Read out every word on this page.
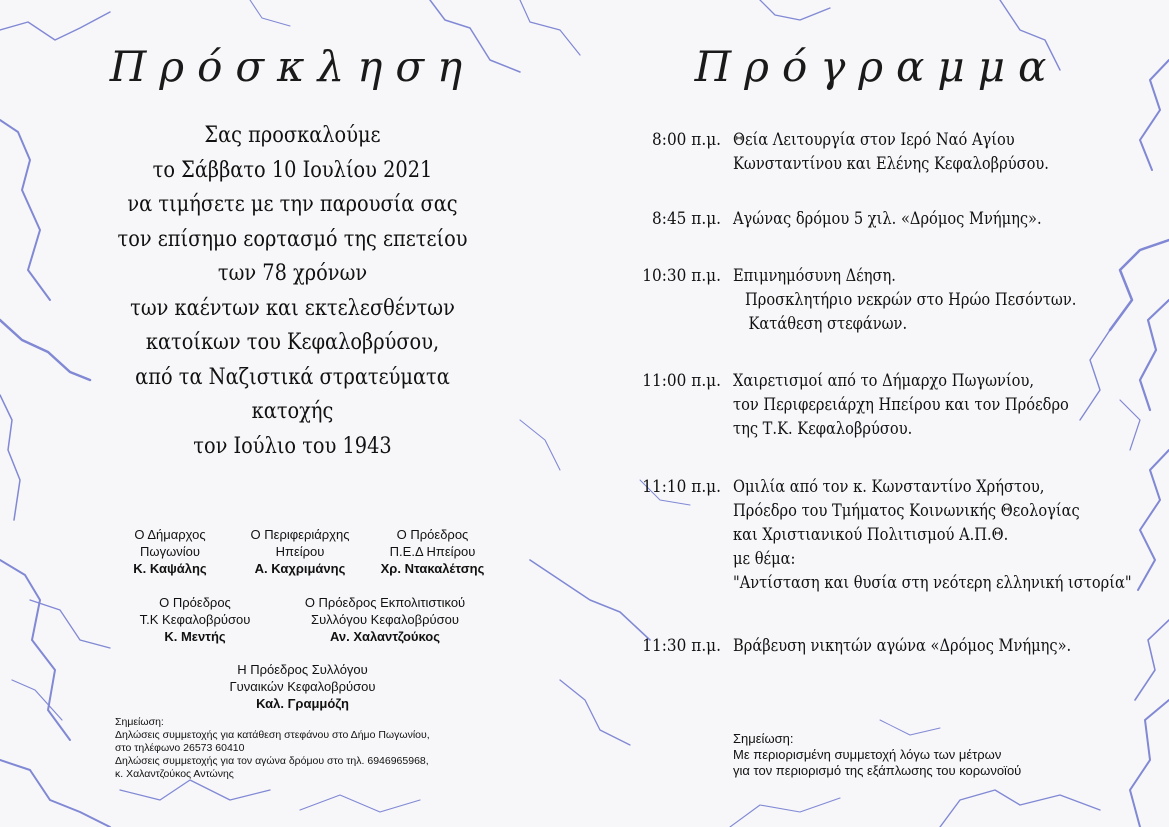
Πρόσκληση
Σας προσκαλούμε
το Σάββατο 10 Ιουλίου 2021
να τιμήσετε με την παρουσία σας
τον επίσημο εορτασμό της επετείου
των 78 χρόνων
των καέντων και εκτελεσθέντων
κατοίκων του Κεφαλοβρύσου,
από τα Ναζιστικά στρατεύματα
κατοχής
τον Ιούλιο του 1943
Ο Δήμαρχος
Πωγωνίου
Κ. Καψάλης
Ο Περιφεριάρχης
Ηπείρου
Α. Καχριμάνης
Ο Πρόεδρος
Π.Ε.Δ Ηπείρου
Χρ. Ντακαλέτσης
Ο Πρόεδρος
Τ.Κ Κεφαλοβρύσου
Κ. Μεντής
Ο Πρόεδρος Εκπολιτιστικού
Συλλόγου Κεφαλοβρύσου
Αν. Χαλαντζούκος
Η Πρόεδρος Συλλόγου
Γυναικών Κεφαλοβρύσου
Καλ. Γραμμόζη
Σημείωση:
Δηλώσεις συμμετοχής για κατάθεση στεφάνου στο Δήμο Πωγωνίου,
στο τηλέφωνο 26573 60410
Δηλώσεις συμμετοχής για τον αγώνα δρόμου στο τηλ. 6946965968,
κ. Χαλαντζούκος Αντώνης
Πρόγραμμα
8:00 π.μ. Θεία Λειτουργία στον Ιερό Ναό Αγίου
Κωνσταντίνου και Ελένης Κεφαλοβρύσου.
8:45 π.μ. Αγώνας δρόμου 5 χιλ. «Δρόμος Μνήμης».
10:30 π.μ. Επιμνημόσυνη Δέηση.
Προσκλητήριο νεκρών στο Ηρώο Πεσόντων.
Κατάθεση στεφάνων.
11:00 π.μ. Χαιρετισμοί από το Δήμαρχο Πωγωνίου,
τον Περιφερειάρχη Ηπείρου και τον Πρόεδρο
της Τ.Κ. Κεφαλοβρύσου.
11:10 π.μ. Ομιλία από τον κ. Κωνσταντίνο Χρήστου,
Πρόεδρο του Τμήματος Κοινωνικής Θεολογίας
και Χριστιανικού Πολιτισμού Α.Π.Θ.
με θέμα:
"Αντίσταση και θυσία στη νεότερη ελληνική ιστορία"
11:30 π.μ. Βράβευση νικητών αγώνα «Δρόμος Μνήμης».
Σημείωση:
Με περιορισμένη συμμετοχή λόγω των μέτρων
για τον περιορισμό της εξάπλωσης του κορωνοϊού
